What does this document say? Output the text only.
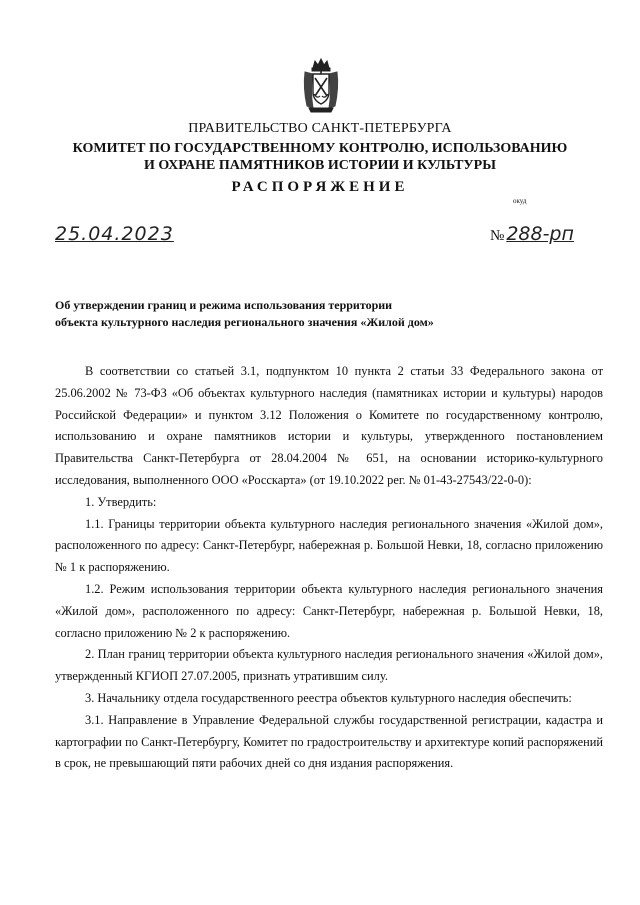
ПРАВИТЕЛЬСТВО САНКТ-ПЕТЕРБУРГА
КОМИТЕТ ПО ГОСУДАРСТВЕННОМУ КОНТРОЛЮ, ИСПОЛЬЗОВАНИЮ
И ОХРАНЕ ПАМЯТНИКОВ ИСТОРИИ И КУЛЬТУРЫ
РАСПОРЯЖЕНИЕ
окуд
25.04.2023	№ 288-рп
Об утверждении границ и режима использования территории
объекта культурного наследия регионального значения «Жилой дом»

В соответствии со статьей 3.1, подпунктом 10 пункта 2 статьи 33 Федерального закона от 25.06.2002 № 73-ФЗ «Об объектах культурного наследия (памятниках истории и культуры) народов Российской Федерации» и пунктом 3.12 Положения о Комитете по государственному контролю, использованию и охране памятников истории и культуры, утвержденного постановлением Правительства Санкт-Петербурга от 28.04.2004 № 651, на основании историко-культурного исследования, выполненного ООО «Росскарта» (от 19.10.2022 рег. № 01-43-27543/22-0-0):

1. Утвердить:

1.1. Границы территории объекта культурного наследия регионального значения «Жилой дом», расположенного по адресу: Санкт-Петербург, набережная р. Большой Невки, 18, согласно приложению № 1 к распоряжению.

1.2. Режим использования территории объекта культурного наследия регионального значения «Жилой дом», расположенного по адресу: Санкт-Петербург, набережная р. Большой Невки, 18, согласно приложению № 2 к распоряжению.

2. План границ территории объекта культурного наследия регионального значения «Жилой дом», утвержденный КГИОП 27.07.2005, признать утратившим силу.

3. Начальнику отдела государственного реестра объектов культурного наследия обеспечить:

3.1. Направление в Управление Федеральной службы государственной регистрации, кадастра и картографии по Санкт-Петербургу, Комитет по градостроительству и архитектуре копий распоряжений в срок, не превышающий пяти рабочих дней со дня издания распоряжения.
